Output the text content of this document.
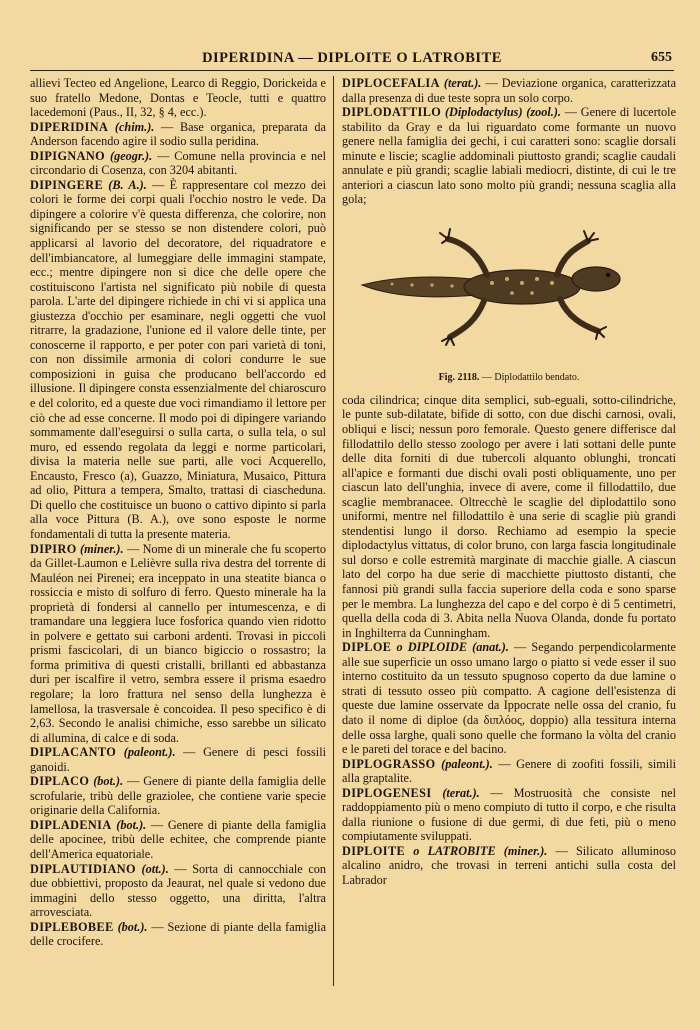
DIPERIDINA — DIPLOITE O LATROBITE	655

allievi Tecteo ed Angelione, Learco di Reggio, Dorickeida e suo fratello Medone, Dontas e Teocle, tutti e quattro lacedemoni (Paus., II, 32, § 4, ecc.).

DIPERIDINA (chim.). — Base organica, preparata da Anderson facendo agire il sodio sulla peridina.

DIPIGNANO (geogr.). — Comune nella provincia e nel circondario di Cosenza, con 3204 abitanti.

DIPINGERE (B. A.). — È rappresentare col mezzo dei colori le forme dei corpi quali l'occhio nostro le vede. Da dipingere a colorire v'è questa differenza, che colorire, non significando per se stesso se non distendere colori, può applicarsi al lavorio del decoratore, del riquadratore e dell'imbiancatore, al lumeggiare delle immagini stampate, ecc.; mentre dipingere non si dice che delle opere che costituiscono l'artista nel significato più nobile di questa parola. L'arte del dipingere richiede in chi vi si applica una giustezza d'occhio per esaminare, negli oggetti che vuol ritrarre, la gradazione, l'unione ed il valore delle tinte, per conoscerne il rapporto, e per poter con pari varietà di toni, con non dissimile armonia di colori condurre le sue composizioni in guisa che producano bell'accordo ed illusione. Il dipingere consta essenzialmente del chiaroscuro e del colorito, ed a queste due voci rimandiamo il lettore per ciò che ad esse concerne. Il modo poi di dipingere variando sommamente dall'eseguirsi o sulla carta, o sulla tela, o sul muro, ed essendo regolata da leggi e norme particolari, divisa la materia nelle sue parti, alle voci Acquerello, Encausto, Fresco (a), Guazzo, Miniatura, Musaico, Pittura ad olio, Pittura a tempera, Smalto, trattasi di ciascheduna. Di quello che costituisce un buono o cattivo dipinto si parla alla voce Pittura (B. A.), ove sono esposte le norme fondamentali di tutta la presente materia.

DIPIRO (miner.). — Nome di un minerale che fu scoperto da Gillet-Laumon e Lelièvre sulla riva destra del torrente di Mauléon nei Pirenei; era inceppato in una steatite bianca o rossiccia e misto di solfuro di ferro. Questo minerale ha la proprietà di fondersi al cannello per intumescenza, e di tramandare una leggiera luce fosforica quando vien ridotto in polvere e gettato sui carboni ardenti. Trovasi in piccoli prismi fascicolari, di un bianco bigiccio o rossastro; la forma primitiva di questi cristalli, brillanti ed abbastanza duri per iscalfire il vetro, sembra essere il prisma esaedro regolare; la loro frattura nel senso della lunghezza è lamellosa, la trasversale è concoidea. Il peso specifico è di 2,63. Secondo le analisi chimiche, esso sarebbe un silicato di allumina, di calce e di soda.

DIPLACANTO (paleont.). — Genere di pesci fossili ganoidi.

DIPLACO (bot.). — Genere di piante della famiglia delle scrofularie, tribù delle graziolee, che contiene varie specie originarie della California.

DIPLADENIA (bot.). — Genere di piante della famiglia delle apocinee, tribù delle echitee, che comprende piante dell'America equatoriale.

DIPLAUTIDIANO (ott.). — Sorta di cannocchiale con due obbiettivi, proposto da Jeaurat, nel quale si vedono due immagini dello stesso oggetto, una diritta, l'altra arrovesciata.

DIPLEBOBEE (bot.). — Sezione di piante della famiglia delle crocifere.

DIPLOCEFALIA (terat.). — Deviazione organica, caratterizzata dalla presenza di due teste sopra un solo corpo.

DIPLODATTILO (Diplodactylus) (zool.). — Genere di lucertole stabilito da Gray e da lui riguardato come formante un nuovo genere nella famiglia dei gechi, i cui caratteri sono: scaglie dorsali minute e liscie; scaglie addominali piuttosto grandi; scaglie caudali annulate e più grandi; scaglie labiali mediocri, distinte, di cui le tre anteriori a ciascun lato sono molto più grandi; nessuna scaglia alla gola;

Fig. 2118. — Diplodattilo bendato.

coda cilindrica; cinque dita semplici, sub-eguali, sotto-cilindriche, le punte sub-dilatate, bifide di sotto, con due dischi carnosi, ovali, obliqui e lisci; nessun poro femorale. Questo genere differisce dal fillodattilo dello stesso zoologo per avere i lati sottani delle punte delle dita forniti di due tubercoli alquanto oblunghi, troncati all'apice e formanti due dischi ovali posti obliquamente, uno per ciascun lato dell'unghia, invece di avere, come il fillodattilo, due scaglie membranacee. Oltrecchè le scaglie del diplodattilo sono uniformi, mentre nel fillodattilo è una serie di scaglie più grandi stendentisi lungo il dorso. Rechiamo ad esempio la specie diplodactylus vittatus, di color bruno, con larga fascia longitudinale sul dorso e colle estremità marginate di macchie gialle. A ciascun lato del corpo ha due serie di macchiette piuttosto distanti, che fannosi più grandi sulla faccia superiore della coda e sono sparse per le membra. La lunghezza del capo e del corpo è di 5 centimetri, quella della coda di 3. Abita nella Nuova Olanda, donde fu portato in Inghilterra da Cunningham.

DIPLOE o DIPLOIDE (anat.). — Segando perpendicolarmente alle sue superficie un osso umano largo o piatto si vede esser il suo interno costituito da un tessuto spugnoso coperto da due lamine o strati di tessuto osseo più compatto. A cagione dell'esistenza di queste due lamine osservate da Ippocrate nelle ossa del cranio, fu dato il nome di diploe (da διπλόος, doppio) alla tessitura interna delle ossa larghe, quali sono quelle che formano la vòlta del cranio e le pareti del torace e del bacino.

DIPLOGRASSO (paleont.). — Genere di zoofiti fossili, simili alla graptalite.

DIPLOGENESI (terat.). — Mostruosità che consiste nel raddoppiamento più o meno compiuto di tutto il corpo, e che risulta dalla riunione o fusione di due germi, di due feti, più o meno compiutamente sviluppati.

DIPLOITE o LATROBITE (miner.). — Silicato alluminoso alcalino anidro, che trovasi in terreni antichi sulla costa del Labrador
